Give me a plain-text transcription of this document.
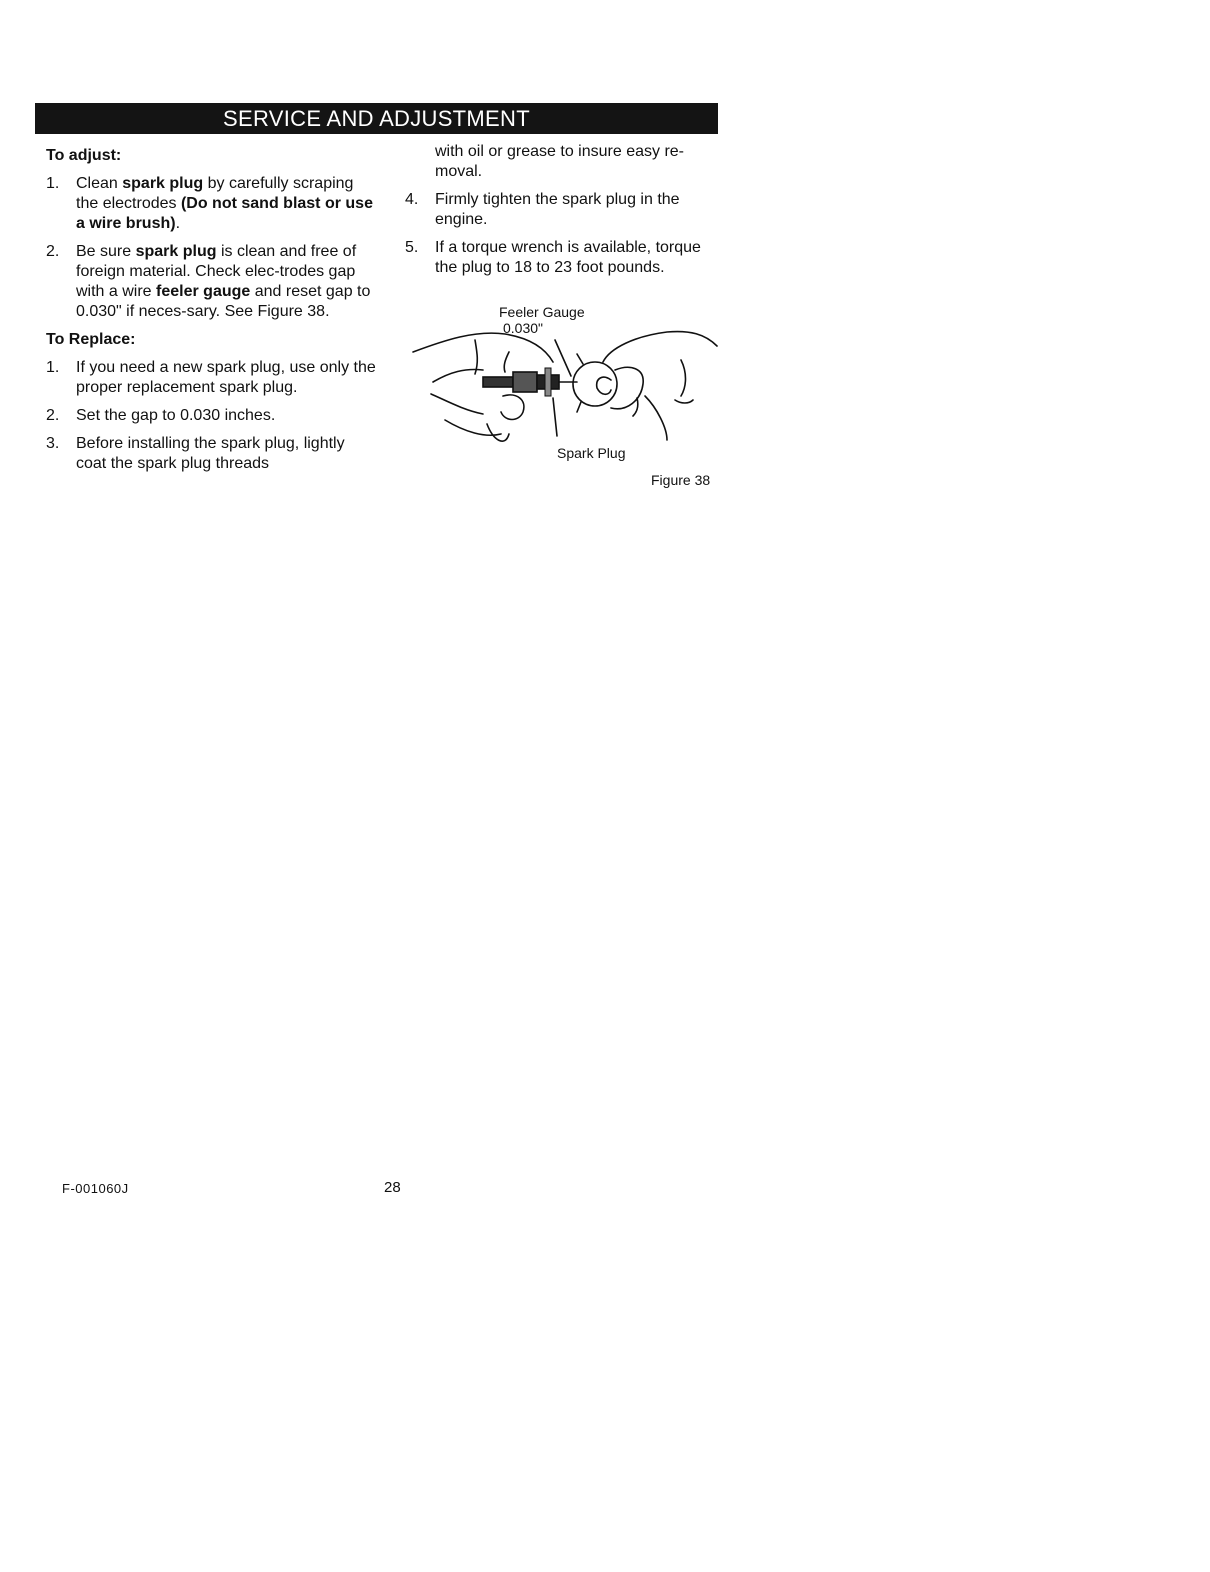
SERVICE AND ADJUSTMENT
To adjust:
1. Clean spark plug by carefully scraping the electrodes (Do not sand blast or use a wire brush).
2. Be sure spark plug is clean and free of foreign material. Check elec-trodes gap with a wire feeler gauge and reset gap to 0.030" if neces-sary. See Figure 38.
To Replace:
1. If you need a new spark plug, use only the proper replacement spark plug.
2. Set the gap to 0.030 inches.
3. Before installing the spark plug, lightly coat the spark plug threads
with oil or grease to insure easy re-moval.
4. Firmly tighten the spark plug in the engine.
5. If a torque wrench is available, torque the plug to 18 to 23 foot pounds.
Feeler Gauge
0.030"
Spark Plug
Figure 38
F-001060J	28
